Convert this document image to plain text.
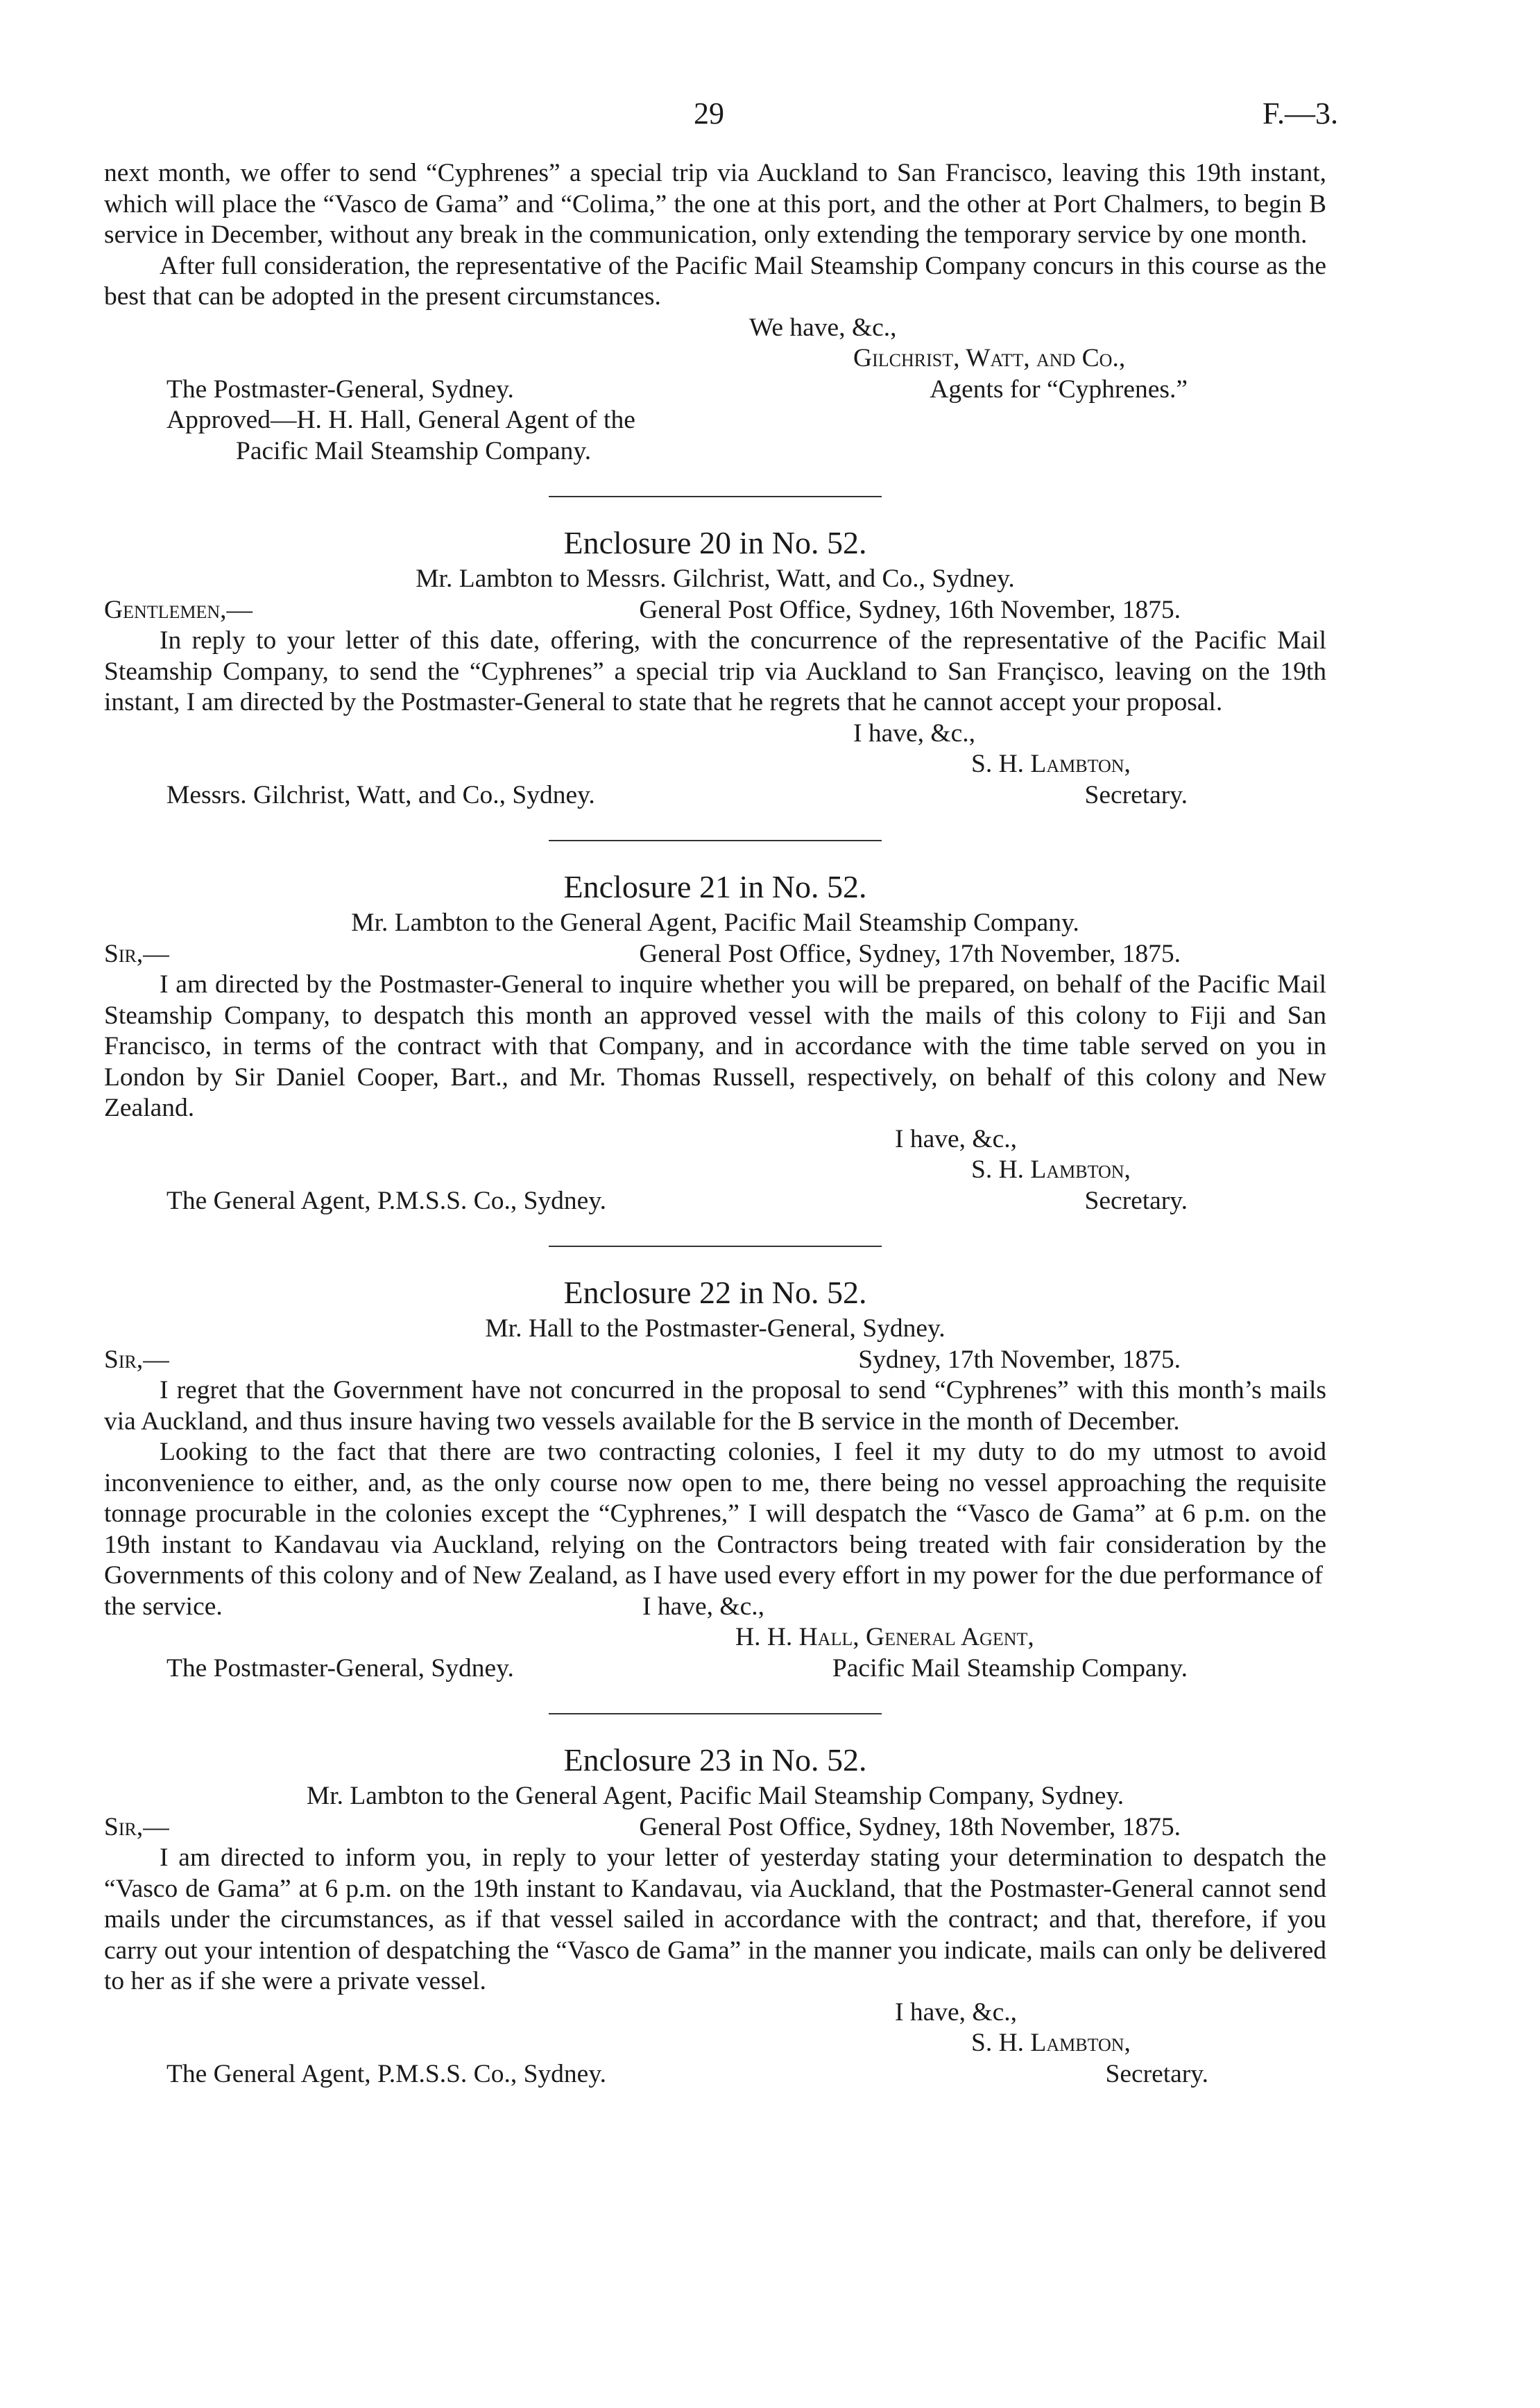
29	F.—3.

next month, we offer to send “Cyphrenes” a special trip via Auckland to San Francisco, leaving this 19th instant, which will place the “Vasco de Gama” and “Colima,” the one at this port, and the other at Port Chalmers, to begin B service in December, without any break in the communication, only extending the temporary service by one month.

After full consideration, the representative of the Pacific Mail Steamship Company concurs in this course as the best that can be adopted in the present circumstances.

We have, &c.,

Gilchrist, Watt, and Co.,

The Postmaster-General, Sydney.	Agents for “Cyphrenes.”

Approved—H. H. Hall, General Agent of the

Pacific Mail Steamship Company.

Enclosure 20 in No. 52.

Mr. Lambton to Messrs. Gilchrist, Watt, and Co., Sydney.

Gentlemen,—	General Post Office, Sydney, 16th November, 1875.

In reply to your letter of this date, offering, with the concurrence of the representative of the Pacific Mail Steamship Company, to send the “Cyphrenes” a special trip via Auckland to San Françisco, leaving on the 19th instant, I am directed by the Postmaster-General to state that he regrets that he cannot accept your proposal.

I have, &c.,

S. H. Lambton,

Messrs. Gilchrist, Watt, and Co., Sydney.	Secretary.

Enclosure 21 in No. 52.

Mr. Lambton to the General Agent, Pacific Mail Steamship Company.

Sir,—	General Post Office, Sydney, 17th November, 1875.

I am directed by the Postmaster-General to inquire whether you will be prepared, on behalf of the Pacific Mail Steamship Company, to despatch this month an approved vessel with the mails of this colony to Fiji and San Francisco, in terms of the contract with that Company, and in accordance with the time table served on you in London by Sir Daniel Cooper, Bart., and Mr. Thomas Russell, respectively, on behalf of this colony and New Zealand.

I have, &c.,

S. H. Lambton,

The General Agent, P.M.S.S. Co., Sydney.	Secretary.

Enclosure 22 in No. 52.

Mr. Hall to the Postmaster-General, Sydney.

Sir,—	Sydney, 17th November, 1875.

I regret that the Government have not concurred in the proposal to send “Cyphrenes” with this month’s mails via Auckland, and thus insure having two vessels available for the B service in the month of December.

Looking to the fact that there are two contracting colonies, I feel it my duty to do my utmost to avoid inconvenience to either, and, as the only course now open to me, there being no vessel approaching the requisite tonnage procurable in the colonies except the “Cyphrenes,” I will despatch the “Vasco de Gama” at 6 p.m. on the 19th instant to Kandavau via Auckland, relying on the Contractors being treated with fair consideration by the Governments of this colony and of New Zealand, as I have used every effort in my power for the due performance of

the service.	I have, &c.,

H. H. Hall, General Agent,

The Postmaster-General, Sydney.	Pacific Mail Steamship Company.

Enclosure 23 in No. 52.

Mr. Lambton to the General Agent, Pacific Mail Steamship Company, Sydney.

Sir,—	General Post Office, Sydney, 18th November, 1875.

I am directed to inform you, in reply to your letter of yesterday stating your determination to despatch the “Vasco de Gama” at 6 p.m. on the 19th instant to Kandavau, via Auckland, that the Postmaster-General cannot send mails under the circumstances, as if that vessel sailed in accordance with the contract; and that, therefore, if you carry out your intention of despatching the “Vasco de Gama” in the manner you indicate, mails can only be delivered to her as if she were a private vessel.

I have, &c.,

S. H. Lambton,

The General Agent, P.M.S.S. Co., Sydney.	Secretary.
